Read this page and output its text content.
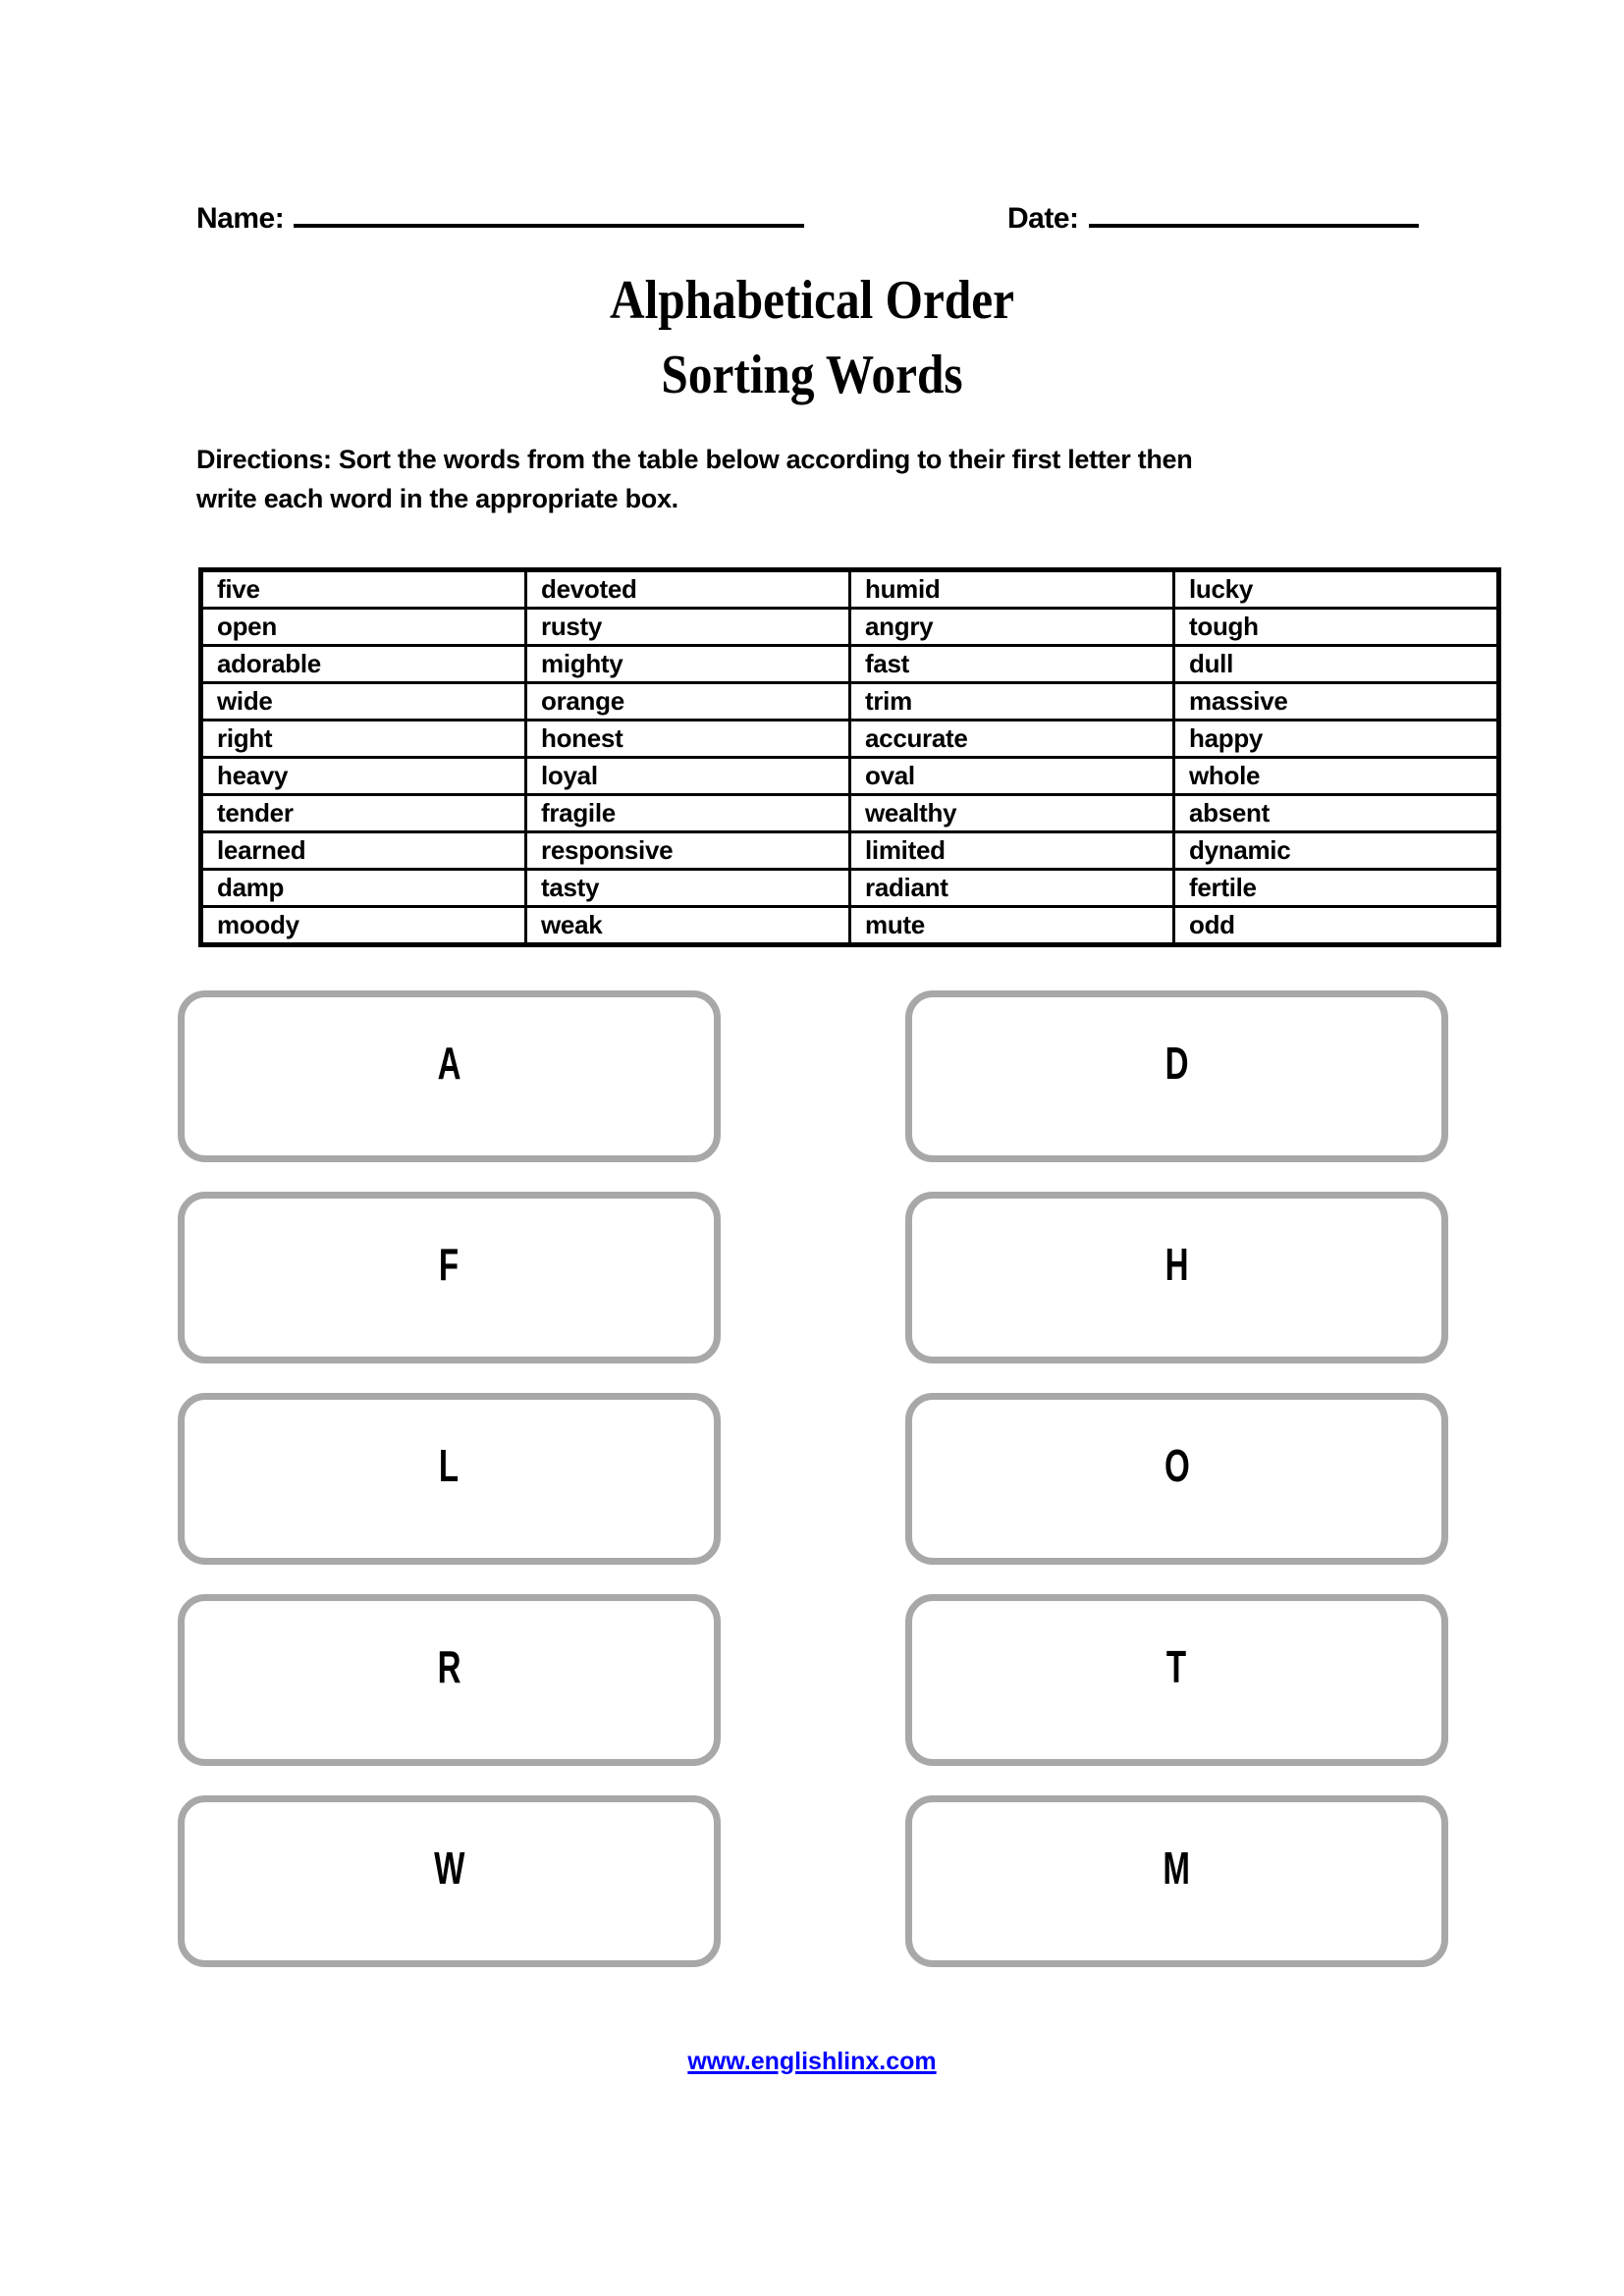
Name:	Date:
Alphabetical Order
Sorting Words
Directions: Sort the words from the table below according to their first letter then
write each word in the appropriate box.
five	devoted	humid	lucky
open	rusty	angry	tough
adorable	mighty	fast	dull
wide	orange	trim	massive
right	honest	accurate	happy
heavy	loyal	oval	whole
tender	fragile	wealthy	absent
learned	responsive	limited	dynamic
damp	tasty	radiant	fertile
moody	weak	mute	odd
A	D
F	H
L	O
R	T
W	M
www.englishlinx.com
